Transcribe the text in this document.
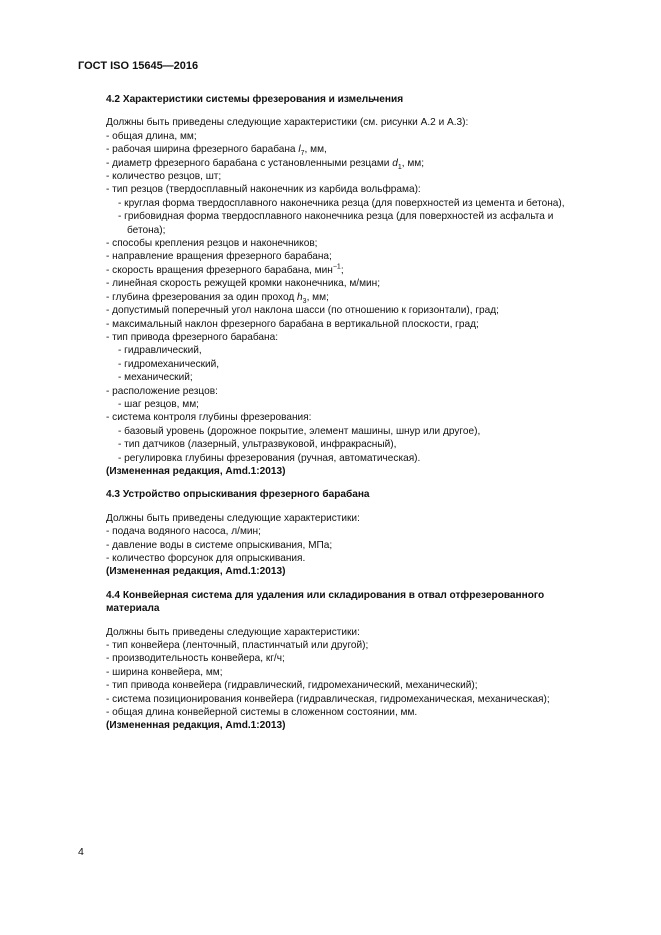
ГОСТ ISO 15645—2016

4.2 Характеристики системы фрезерования и измельчения

Должны быть приведены следующие характеристики (см. рисунки А.2 и А.3):

- общая длина, мм;

- рабочая ширина фрезерного барабана $l_7$, мм,

- диаметр фрезерного барабана с установленными резцами $d_1$, мм;

- количество резцов, шт;

- тип резцов (твердосплавный наконечник из карбида вольфрама):

- круглая форма твердосплавного наконечника резца (для поверхностей из цемента и бетона),

- грибовидная форма твердосплавного наконечника резца (для поверхностей из асфальта и

бетона);

- способы крепления резцов и наконечников;

- направление вращения фрезерного барабана;

- скорость вращения фрезерного барабана, мин$^{-1}$;

- линейная скорость режущей кромки наконечника, м/мин;

- глубина фрезерования за один проход $h_3$, мм;

- допустимый поперечный угол наклона шасси (по отношению к горизонтали), град;

- максимальный наклон фрезерного барабана в вертикальной плоскости, град;

- тип привода фрезерного барабана:

- гидравлический,

- гидромеханический,

- механический;

- расположение резцов:

- шаг резцов, мм;

- система контроля глубины фрезерования:

- базовый уровень (дорожное покрытие, элемент машины, шнур или другое),

- тип датчиков (лазерный, ультразвуковой, инфракрасный),

- регулировка глубины фрезерования (ручная, автоматическая).

(Измененная редакция, Amd.1:2013)

4.3 Устройство опрыскивания фрезерного барабана

Должны быть приведены следующие характеристики:

- подача водяного насоса, л/мин;

- давление воды в системе опрыскивания, МПа;

- количество форсунок для опрыскивания.

(Измененная редакция, Amd.1:2013)

4.4 Конвейерная система для удаления или складирования в отвал отфрезерованного
материала

Должны быть приведены следующие характеристики:

- тип конвейера (ленточный, пластинчатый или другой);

- производительность конвейера, кг/ч;

- ширина конвейера, мм;

- тип привода конвейера (гидравлический, гидромеханический, механический);

- система позиционирования конвейера (гидравлическая, гидромеханическая, механическая);

- общая длина конвейерной системы в сложенном состоянии, мм.

(Измененная редакция, Amd.1:2013)

4
